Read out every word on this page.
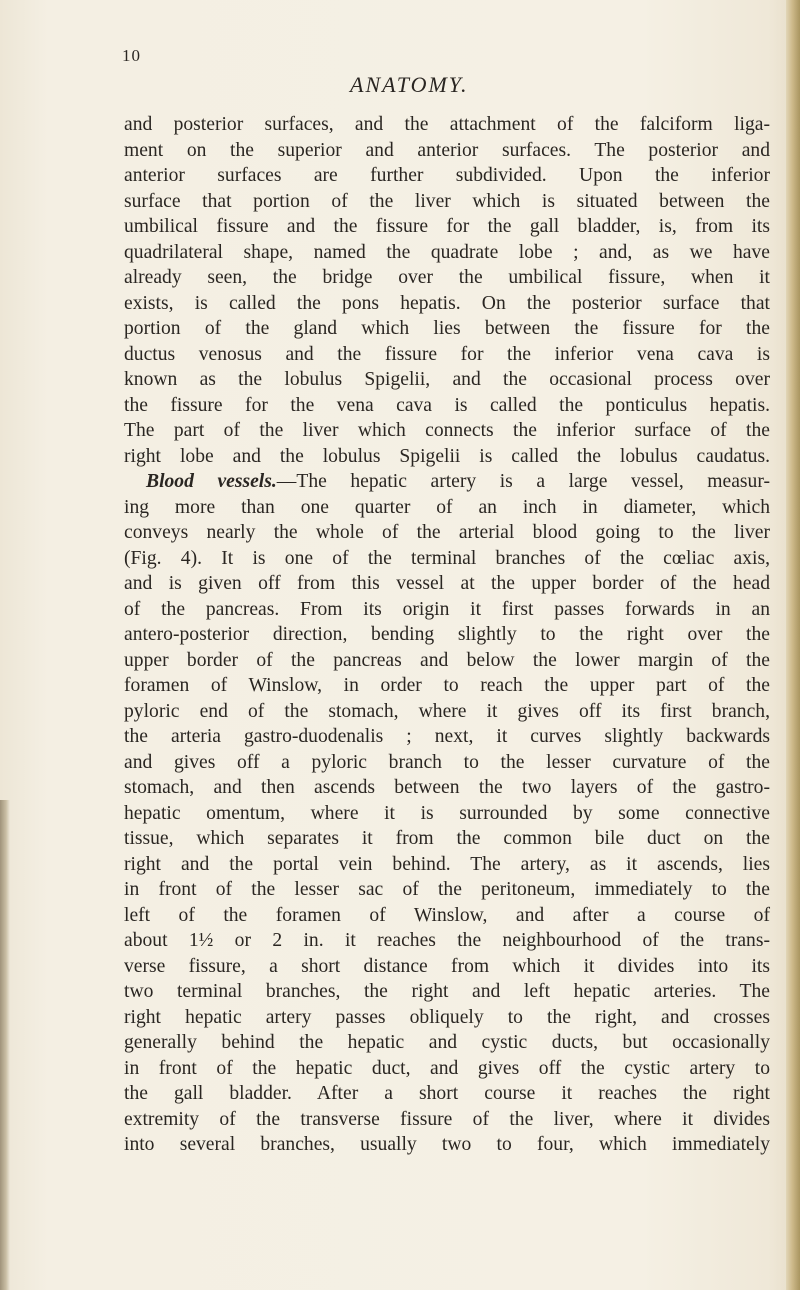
10
ANATOMY.
and posterior surfaces, and the attachment of the falciform liga-
ment on the superior and anterior surfaces. The posterior and
anterior surfaces are further subdivided. Upon the inferior
surface that portion of the liver which is situated between the
umbilical fissure and the fissure for the gall bladder, is, from its
quadrilateral shape, named the quadrate lobe ; and, as we have
already seen, the bridge over the umbilical fissure, when it
exists, is called the pons hepatis. On the posterior surface that
portion of the gland which lies between the fissure for the
ductus venosus and the fissure for the inferior vena cava is
known as the lobulus Spigelii, and the occasional process over
the fissure for the vena cava is called the ponticulus hepatis.
The part of the liver which connects the inferior surface of the
right lobe and the lobulus Spigelii is called the lobulus caudatus.
Blood vessels.—The hepatic artery is a large vessel, measur-
ing more than one quarter of an inch in diameter, which
conveys nearly the whole of the arterial blood going to the liver
(Fig. 4). It is one of the terminal branches of the cœliac axis,
and is given off from this vessel at the upper border of the head
of the pancreas. From its origin it first passes forwards in an
antero-posterior direction, bending slightly to the right over the
upper border of the pancreas and below the lower margin of the
foramen of Winslow, in order to reach the upper part of the
pyloric end of the stomach, where it gives off its first branch,
the arteria gastro-duodenalis ; next, it curves slightly backwards
and gives off a pyloric branch to the lesser curvature of the
stomach, and then ascends between the two layers of the gastro-
hepatic omentum, where it is surrounded by some connective
tissue, which separates it from the common bile duct on the
right and the portal vein behind. The artery, as it ascends, lies
in front of the lesser sac of the peritoneum, immediately to the
left of the foramen of Winslow, and after a course of
about 1½ or 2 in. it reaches the neighbourhood of the trans-
verse fissure, a short distance from which it divides into its
two terminal branches, the right and left hepatic arteries. The
right hepatic artery passes obliquely to the right, and crosses
generally behind the hepatic and cystic ducts, but occasionally
in front of the hepatic duct, and gives off the cystic artery to
the gall bladder. After a short course it reaches the right
extremity of the transverse fissure of the liver, where it divides
into several branches, usually two to four, which immediately
